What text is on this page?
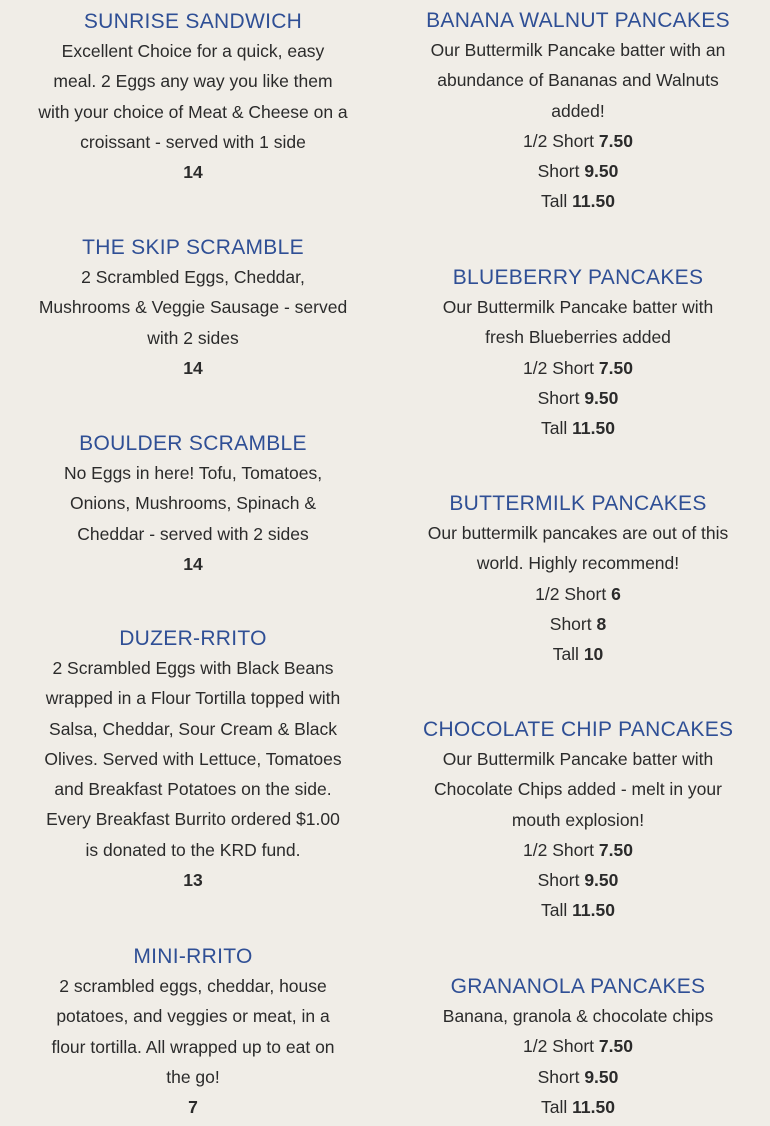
SUNRISE SANDWICH
Excellent Choice for a quick, easy meal. 2 Eggs any way you like them with your choice of Meat & Cheese on a croissant - served with 1 side
14
THE SKIP SCRAMBLE
2 Scrambled Eggs, Cheddar, Mushrooms & Veggie Sausage - served with 2 sides
14
BOULDER SCRAMBLE
No Eggs in here! Tofu, Tomatoes, Onions, Mushrooms, Spinach & Cheddar - served with 2 sides
14
DUZER-RRITO
2 Scrambled Eggs with Black Beans wrapped in a Flour Tortilla topped with Salsa, Cheddar, Sour Cream & Black Olives. Served with Lettuce, Tomatoes and Breakfast Potatoes on the side. Every Breakfast Burrito ordered $1.00 is donated to the KRD fund.
13
MINI-RRITO
2 scrambled eggs, cheddar, house potatoes, and veggies or meat, in a flour tortilla. All wrapped up to eat on the go!
7
BANANA WALNUT PANCAKES
Our Buttermilk Pancake batter with an abundance of Bananas and Walnuts added!
1/2 Short 7.50
Short 9.50
Tall 11.50
BLUEBERRY PANCAKES
Our Buttermilk Pancake batter with fresh Blueberries added
1/2 Short 7.50
Short 9.50
Tall 11.50
BUTTERMILK PANCAKES
Our buttermilk pancakes are out of this world. Highly recommend!
1/2 Short 6
Short 8
Tall 10
CHOCOLATE CHIP PANCAKES
Our Buttermilk Pancake batter with Chocolate Chips added - melt in your mouth explosion!
1/2 Short 7.50
Short 9.50
Tall 11.50
GRANANOLA PANCAKES
Banana, granola & chocolate chips
1/2 Short 7.50
Short 9.50
Tall 11.50
